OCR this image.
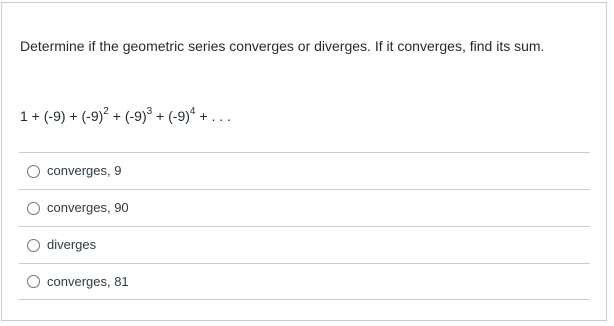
Determine if the geometric series converges or diverges. If it converges, find its sum.
$1 + (-9) + (-9)^2 + (-9)^3 + (-9)^4$ + . . .
converges, 9
converges, 90
diverges
converges, 81
